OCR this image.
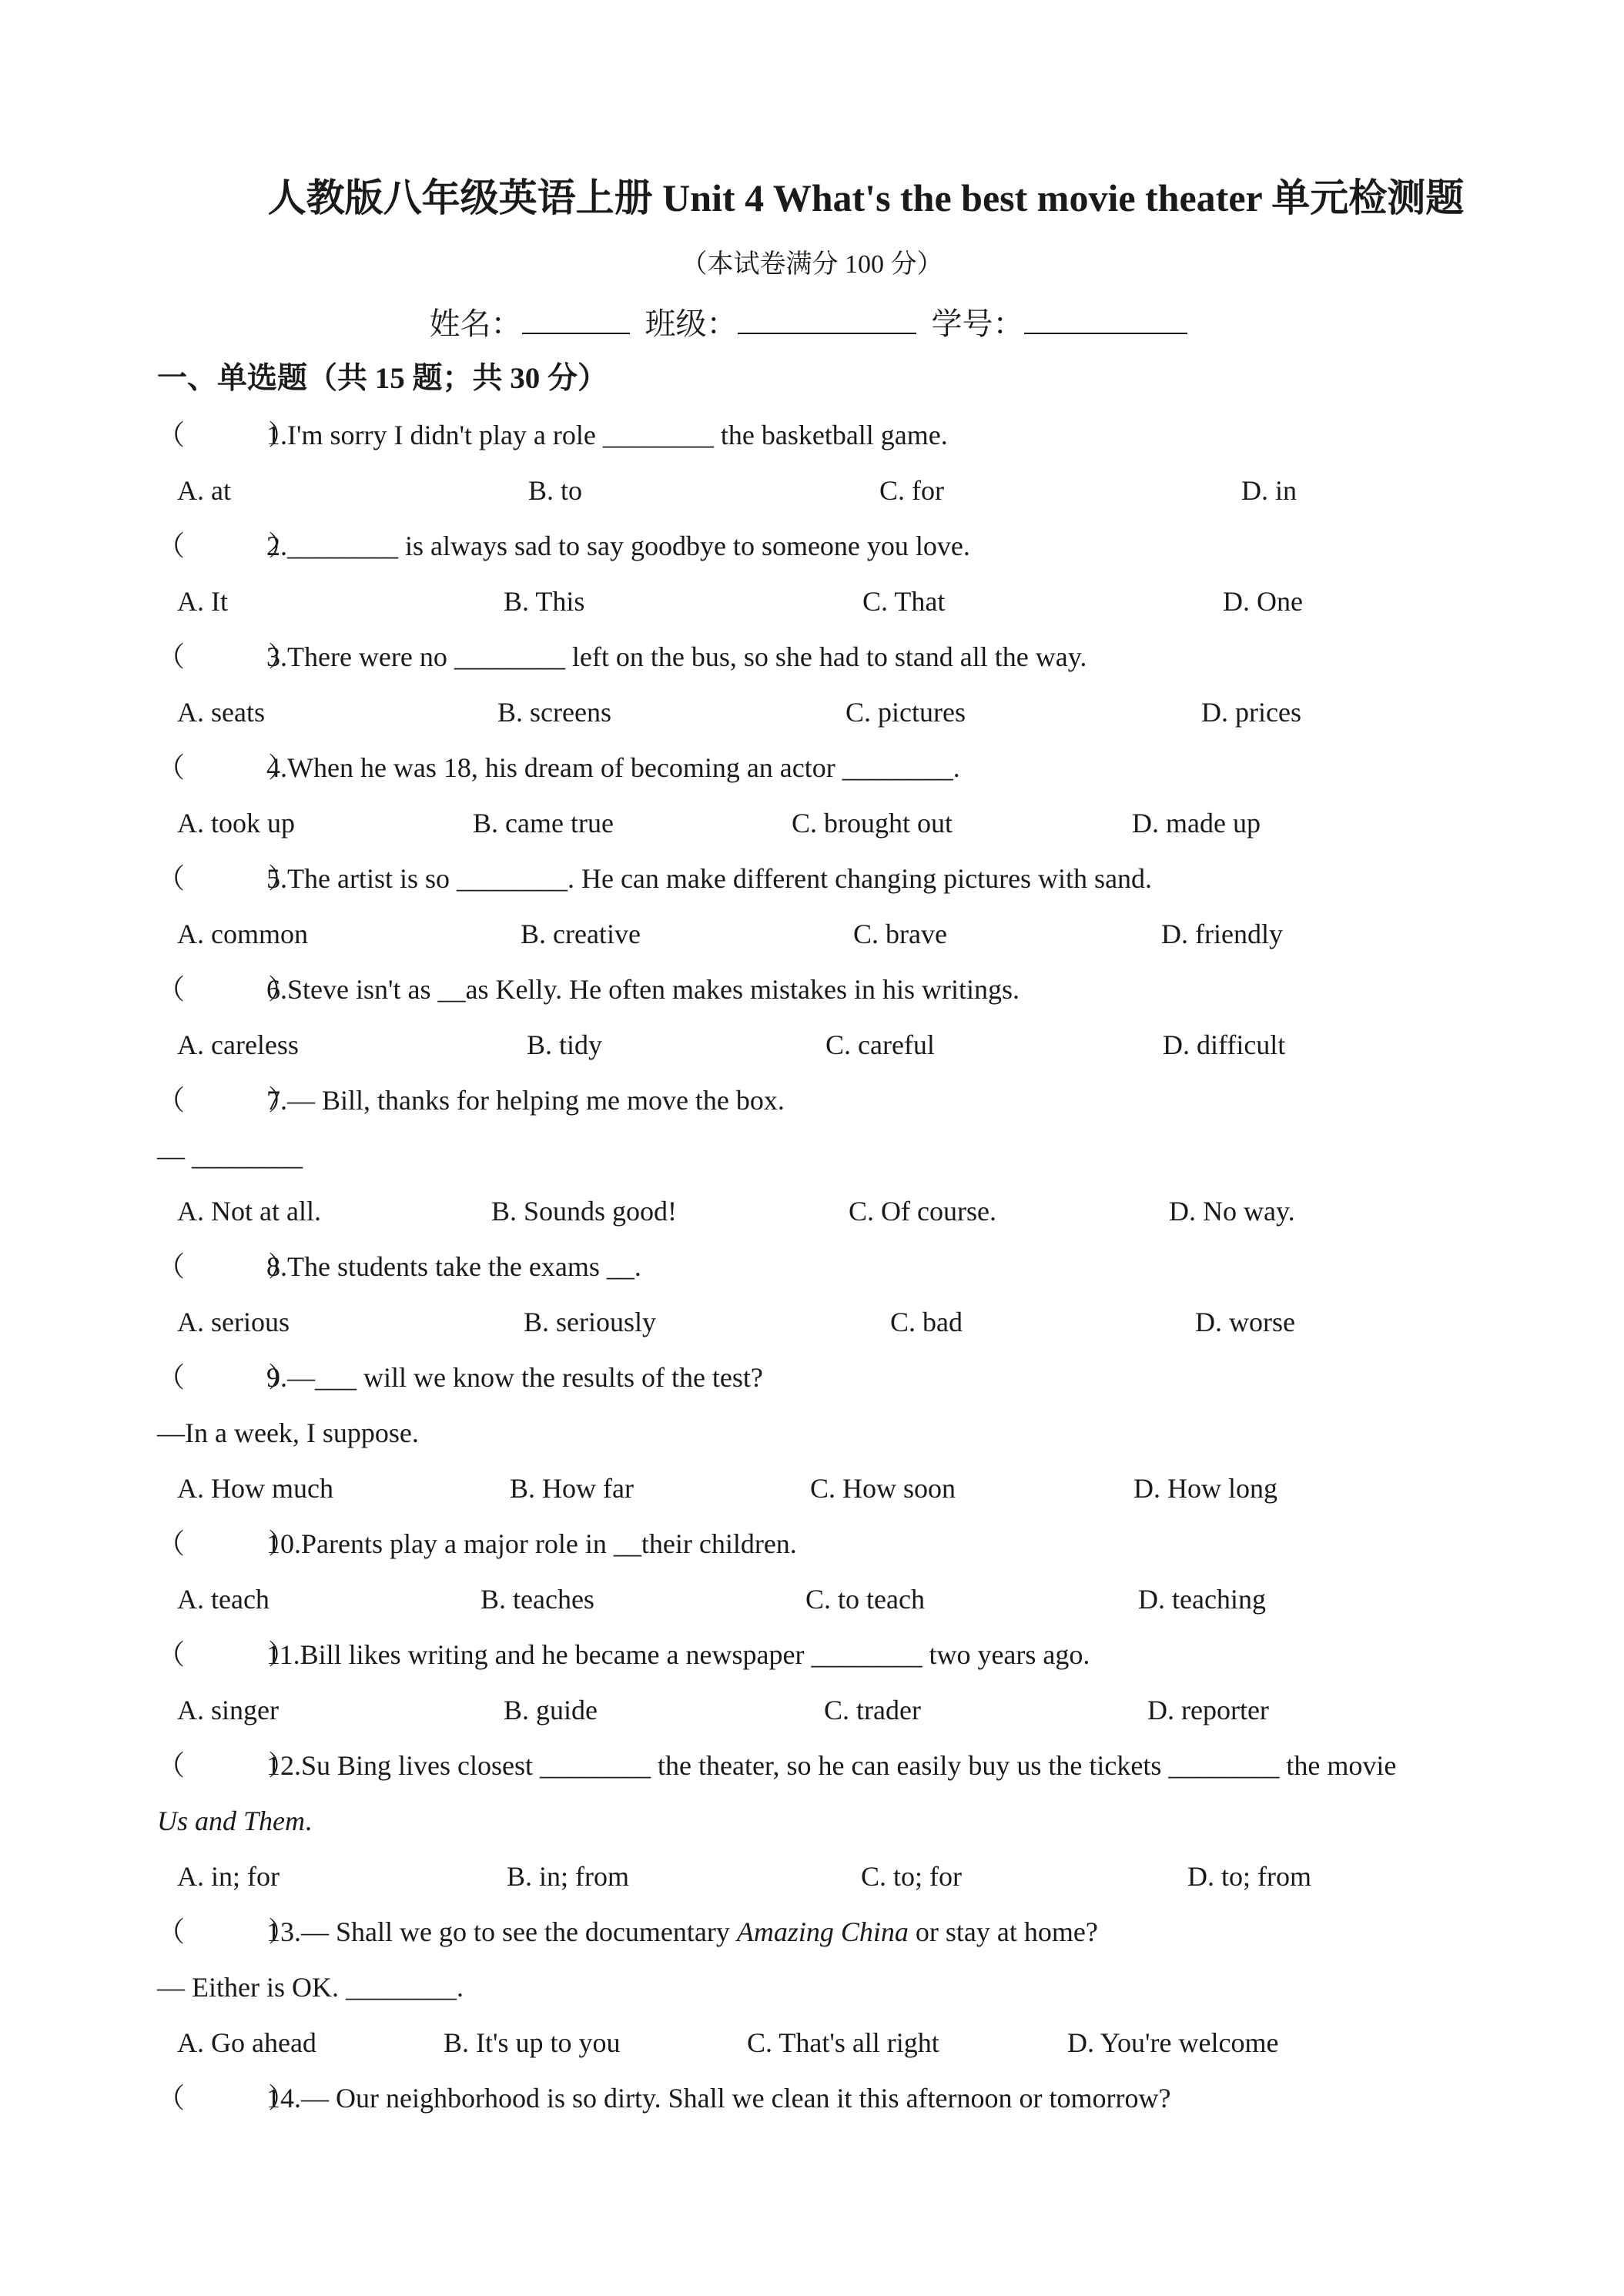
人教版八年级英语上册 Unit 4 What's the best movie theater 单元检测题
（本试卷满分 100 分）
姓名：	班级：	学号：
一、单选题（共 15 题；共 30 分）
（　　　）1.I'm sorry I didn't play a role ________ the basketball game.
A. at	B. to	C. for	D. in
（　　　）2.________ is always sad to say goodbye to someone you love.
A. It	B. This	C. That	D. One
（　　　）3.There were no ________ left on the bus, so she had to stand all the way.
A. seats	B. screens	C. pictures	D. prices
（　　　）4.When he was 18, his dream of becoming an actor ________.
A. took up	B. came true	C. brought out	D. made up
（　　　）5.The artist is so ________. He can make different changing pictures with sand.
A. common	B. creative	C. brave	D. friendly
（　　　）6.Steve isn't as __as Kelly. He often makes mistakes in his writings.
A. careless	B. tidy	C. careful	D. difficult
（　　　）7.— Bill, thanks for helping me move the box.
— ________
A. Not at all.	B. Sounds good!	C. Of course.	D. No way.
（　　　）8.The students take the exams __.
A. serious	B. seriously	C. bad	D. worse
（　　　）9.—___ will we know the results of the test?
—In a week, I suppose.
A. How much	B. How far	C. How soon	D. How long
（　　　）10.Parents play a major role in __their children.
A. teach	B. teaches	C. to teach	D. teaching
（　　　）11.Bill likes writing and he became a newspaper ________ two years ago.
A. singer	B. guide	C. trader	D. reporter
（　　　）12.Su Bing lives closest ________ the theater, so he can easily buy us the tickets ________ the movie
Us and Them.
A. in; for	B. in; from	C. to; for	D. to; from
（　　　）13.— Shall we go to see the documentary Amazing China or stay at home?
— Either is OK. ________.
A. Go ahead	B. It's up to you	C. That's all right	D. You're welcome
（　　　）14.— Our neighborhood is so dirty. Shall we clean it this afternoon or tomorrow?
